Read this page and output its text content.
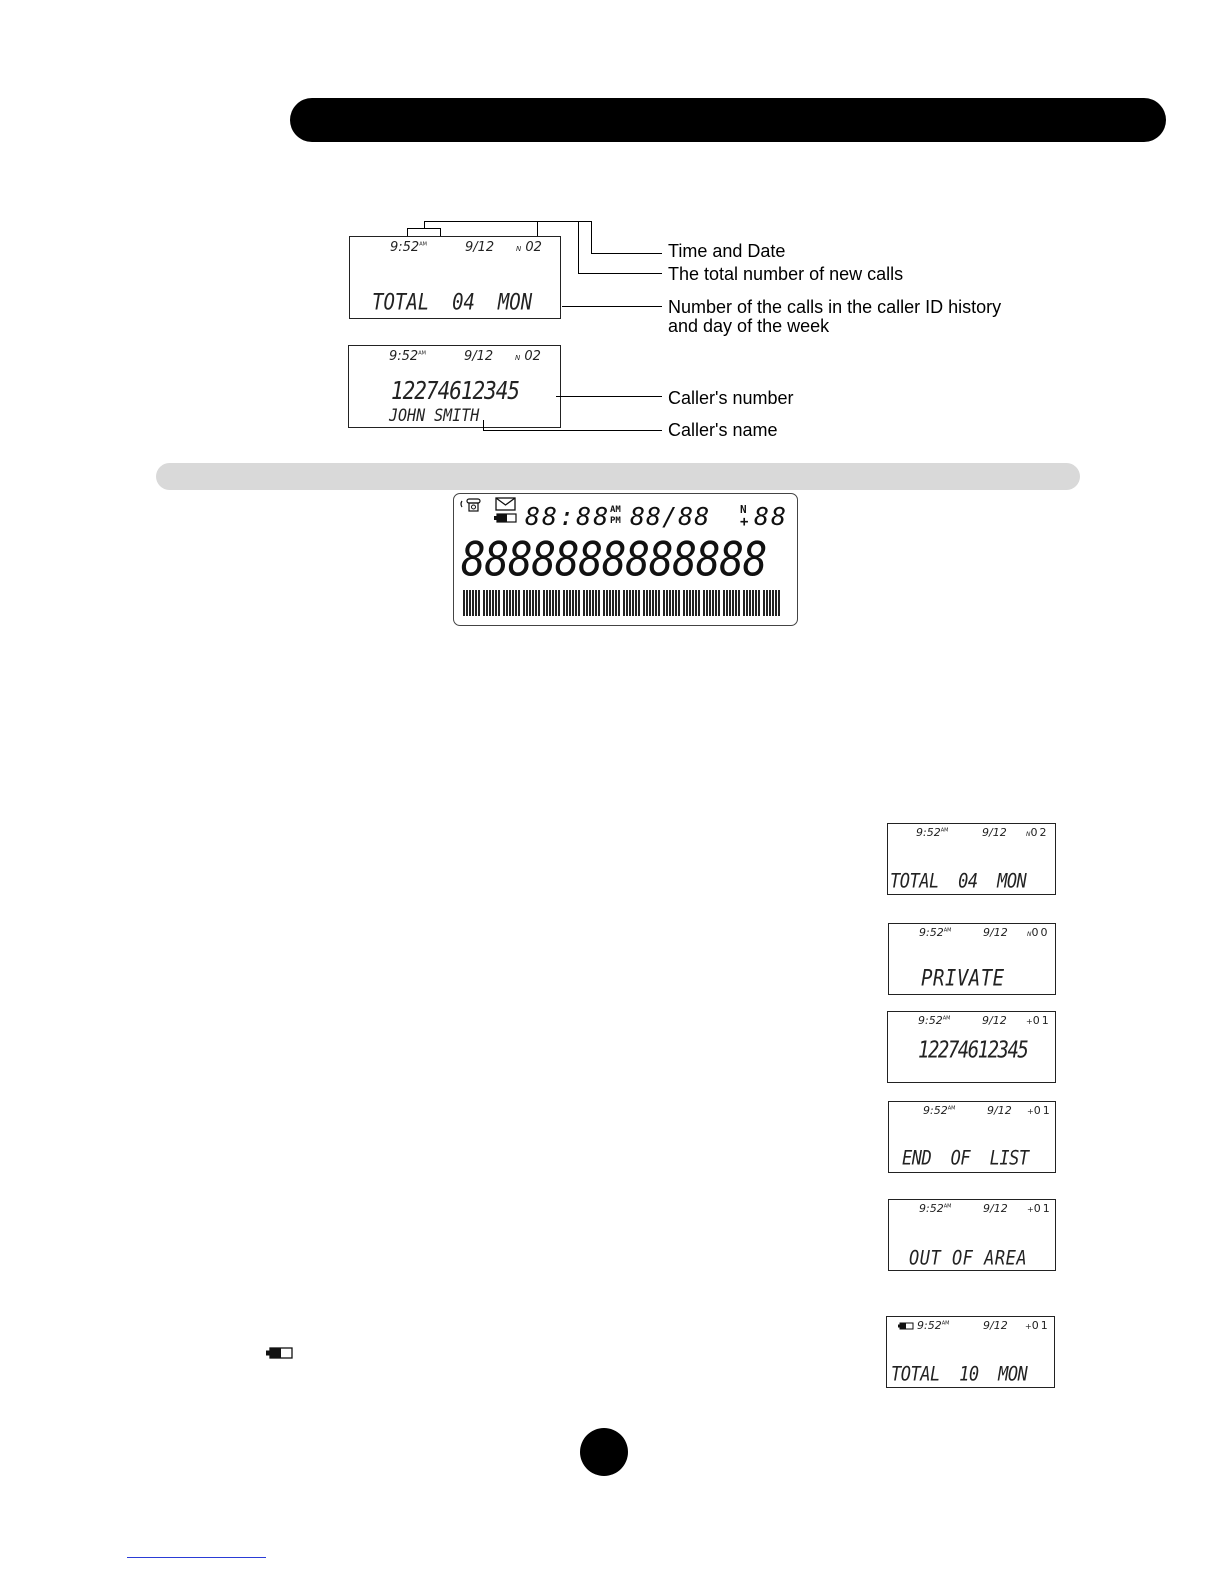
$9:52^{AM}$	9/12	N 02
TOTAL  04  MON
Time and Date
The total number of new calls
Number of the calls in the caller ID history
and day of the week
$9:52^{AM}$	9/12	N 02
12274612345
JOHN SMITH
Caller's number
Caller's name
88:88 AM
PM 88/88	N
+ 88
8888888888888
$9:52^{AM}$	9/12	N02
TOTAL  04  MON
$9:52^{AM}$	9/12	N00
PRIVATE
$9:52^{AM}$	9/12 +01
12274612345
$9:52^{AM}$	9/12 +01
END  OF  LIST
$9:52^{AM}$	9/12 +01
OUT OF AREA
$9:52^{AM}$	9/12 +01
TOTAL  10  MON
